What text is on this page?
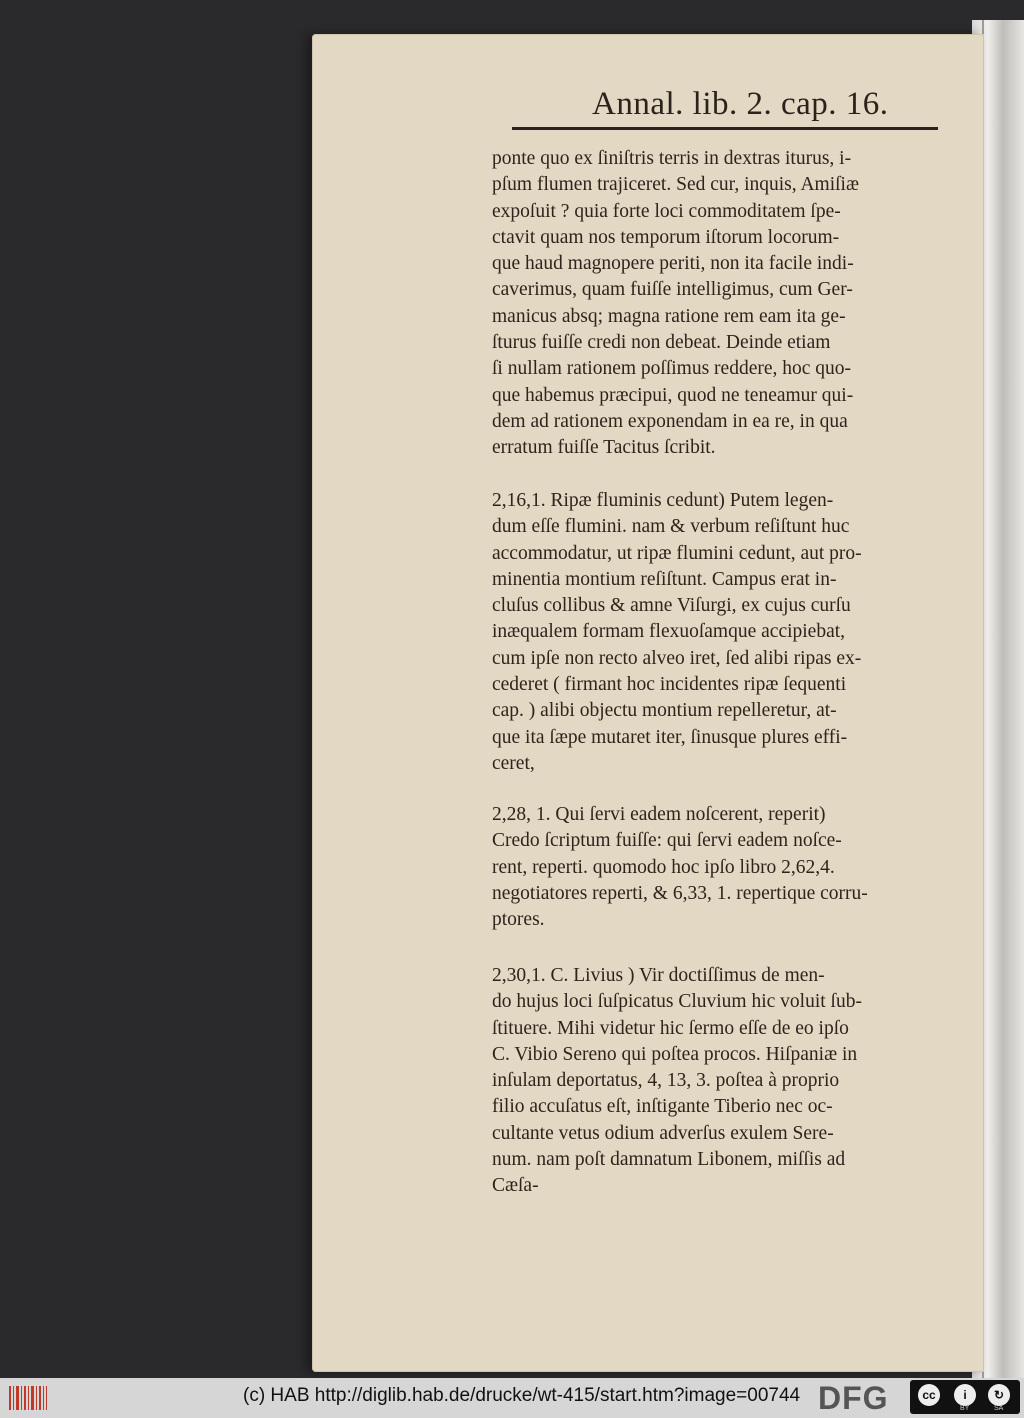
Annal. lib. 2. cap. 16.
ponte quo ex ſiniſtris terris in dextras iturus, i-
pſum flumen trajiceret. Sed cur, inquis, Amiſiæ
expoſuit ? quia forte loci commoditatem ſpe-
ctavit quam nos temporum iſtorum locorum-
que haud magnopere periti, non ita facile indi-
caverimus, quam fuiſſe intelligimus, cum Ger-
manicus absq; magna ratione rem eam ita ge-
ſturus fuiſſe credi non debeat. Deinde etiam
ſi nullam rationem poſſimus reddere, hoc quo-
que habemus præcipui, quod ne teneamur qui-
dem ad rationem exponendam in ea re, in qua
erratum fuiſſe Tacitus ſcribit.
2,16,1. Ripæ fluminis cedunt) Putem legen-
dum eſſe flumini. nam & verbum reſiſtunt huc
accommodatur, ut ripæ flumini cedunt, aut pro-
minentia montium reſiſtunt. Campus erat in-
cluſus collibus & amne Viſurgi, ex cujus curſu
inæqualem formam flexuoſamque accipiebat,
cum ipſe non recto alveo iret, ſed alibi ripas ex-
cederet ( firmant hoc incidentes ripæ ſequenti
cap. ) alibi objectu montium repelleretur, at-
que ita ſæpe mutaret iter, ſinusque plures effi-
ceret,
2,28, 1. Qui ſervi eadem noſcerent, reperit)
Credo ſcriptum fuiſſe: qui ſervi eadem noſce-
rent, reperti. quomodo hoc ipſo libro 2,62,4.
negotiatores reperti, & 6,33, 1. repertique corru-
ptores.
2,30,1. C. Livius ) Vir doctiſſimus de men-
do hujus loci ſuſpicatus Cluvium hic voluit ſub-
ſtituere. Mihi videtur hic ſermo eſſe de eo ipſo
C. Vibio Sereno qui poſtea procos. Hiſpaniæ in
inſulam deportatus, 4, 13, 3. poſtea à proprio
filio accuſatus eſt, inſtigante Tiberio nec oc-
cultante vetus odium adverſus exulem Sere-
num. nam poſt damnatum Libonem, miſſis ad
Cæſa-
(c) HAB http://diglib.hab.de/drucke/wt-415/start.htm?image=00744 DFG	cc	i
BY
↻
SA
